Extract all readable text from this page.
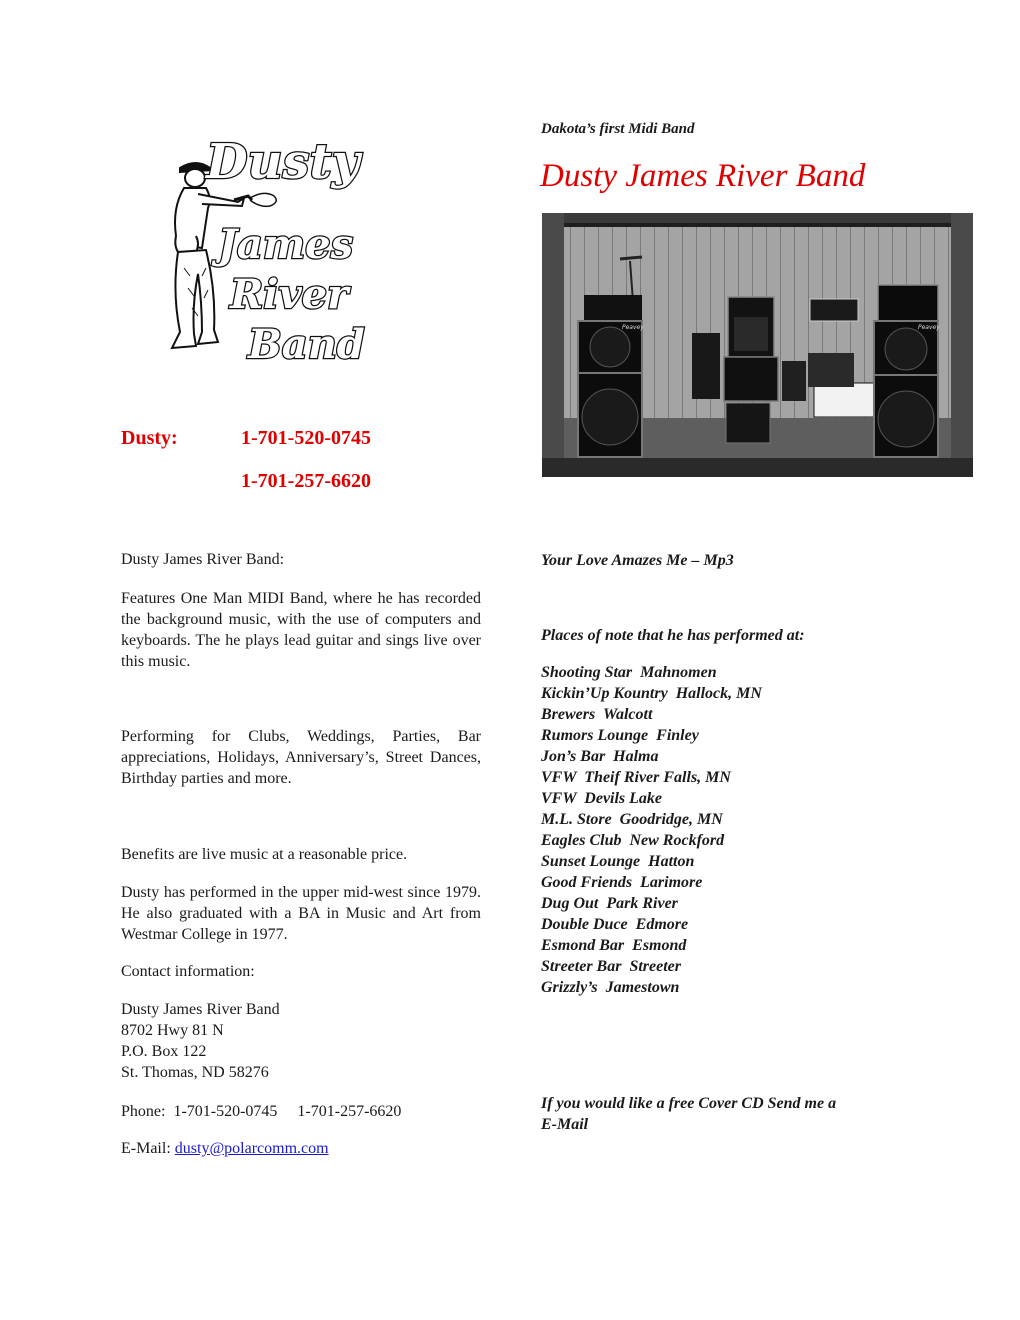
Dusty
James
River
Band
Dakota’s first Midi Band
Dusty James River Band
Peavey	Peavey
Dusty:	1-701-520-0745
1-701-257-6620
Dusty James River Band:
Features One Man MIDI Band, where he has recorded the background music, with the use of computers and keyboards. The he plays lead guitar and sings live over this music.
Performing for Clubs, Weddings, Parties, Bar appreciations, Holidays, Anniversary’s, Street Dances, Birthday parties and more.
Benefits are live music at a reasonable price.
Dusty has performed in the upper mid-west since 1979. He also graduated with a BA in Music and Art from Westmar College in 1977.
Contact information:
Dusty James River Band
8702 Hwy 81 N
P.O. Box 122
St. Thomas, ND 58276
Phone:  1-701-520-0745     1-701-257-6620
E-Mail: dusty@polarcomm.com
Your Love Amazes Me – Mp3
Places of note that he has performed at:
Shooting Star  Mahnomen
Kickin’Up Kountry  Hallock, MN
Brewers  Walcott
Rumors Lounge  Finley
Jon’s Bar  Halma
VFW  Theif River Falls, MN
VFW  Devils Lake
M.L. Store  Goodridge, MN
Eagles Club  New Rockford
Sunset Lounge  Hatton
Good Friends  Larimore
Dug Out  Park River
Double Duce  Edmore
Esmond Bar  Esmond
Streeter Bar  Streeter
Grizzly’s  Jamestown
If you would like a free Cover CD Send me a
E-Mail
